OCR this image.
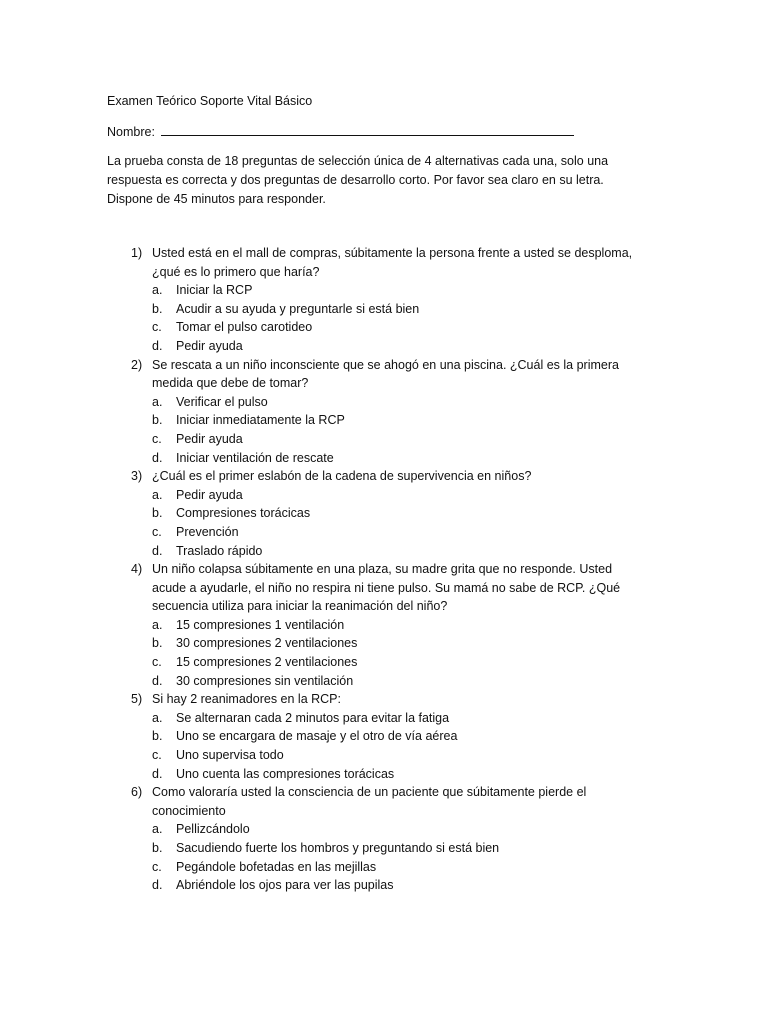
Examen Teórico Soporte Vital Básico
Nombre:
La prueba consta de 18 preguntas de selección única de 4 alternativas cada una, solo una respuesta es correcta y dos preguntas de desarrollo corto. Por favor sea claro en su letra. Dispone de 45 minutos para responder.
1) Usted está en el mall de compras, súbitamente la persona frente a usted se desploma, ¿qué es lo primero que haría?
a.	Iniciar la RCP
b.	Acudir a su ayuda y preguntarle si está bien
c.	Tomar el pulso carotideo
d.	Pedir ayuda
2) Se rescata a un niño inconsciente que se ahogó en una piscina. ¿Cuál es la primera medida que debe de tomar?
a.	Verificar el pulso
b.	Iniciar inmediatamente la RCP
c.	Pedir ayuda
d.	Iniciar ventilación de rescate
3) ¿Cuál es el primer eslabón de la cadena de supervivencia en niños?
a.	Pedir ayuda
b.	Compresiones torácicas
c.	Prevención
d.	Traslado rápido
4) Un niño colapsa súbitamente en una plaza, su madre grita que no responde. Usted acude a ayudarle, el niño no respira ni tiene pulso. Su mamá no sabe de RCP. ¿Qué secuencia utiliza para iniciar la reanimación del niño?
a.	15 compresiones 1 ventilación
b.	30 compresiones 2 ventilaciones
c.	15 compresiones 2 ventilaciones
d.	30 compresiones sin ventilación
5) Si hay 2 reanimadores en la RCP:
a.	Se alternaran cada 2 minutos para evitar la fatiga
b.	Uno se encargara de masaje y el otro de vía aérea
c.	Uno supervisa todo
d.	Uno cuenta las compresiones torácicas
6) Como valoraría usted la consciencia de un paciente que súbitamente pierde el conocimiento
a.	Pellizcándolo
b.	Sacudiendo fuerte los hombros y preguntando si está bien
c.	Pegándole bofetadas en las mejillas
d.	Abriéndole los ojos para ver las pupilas
